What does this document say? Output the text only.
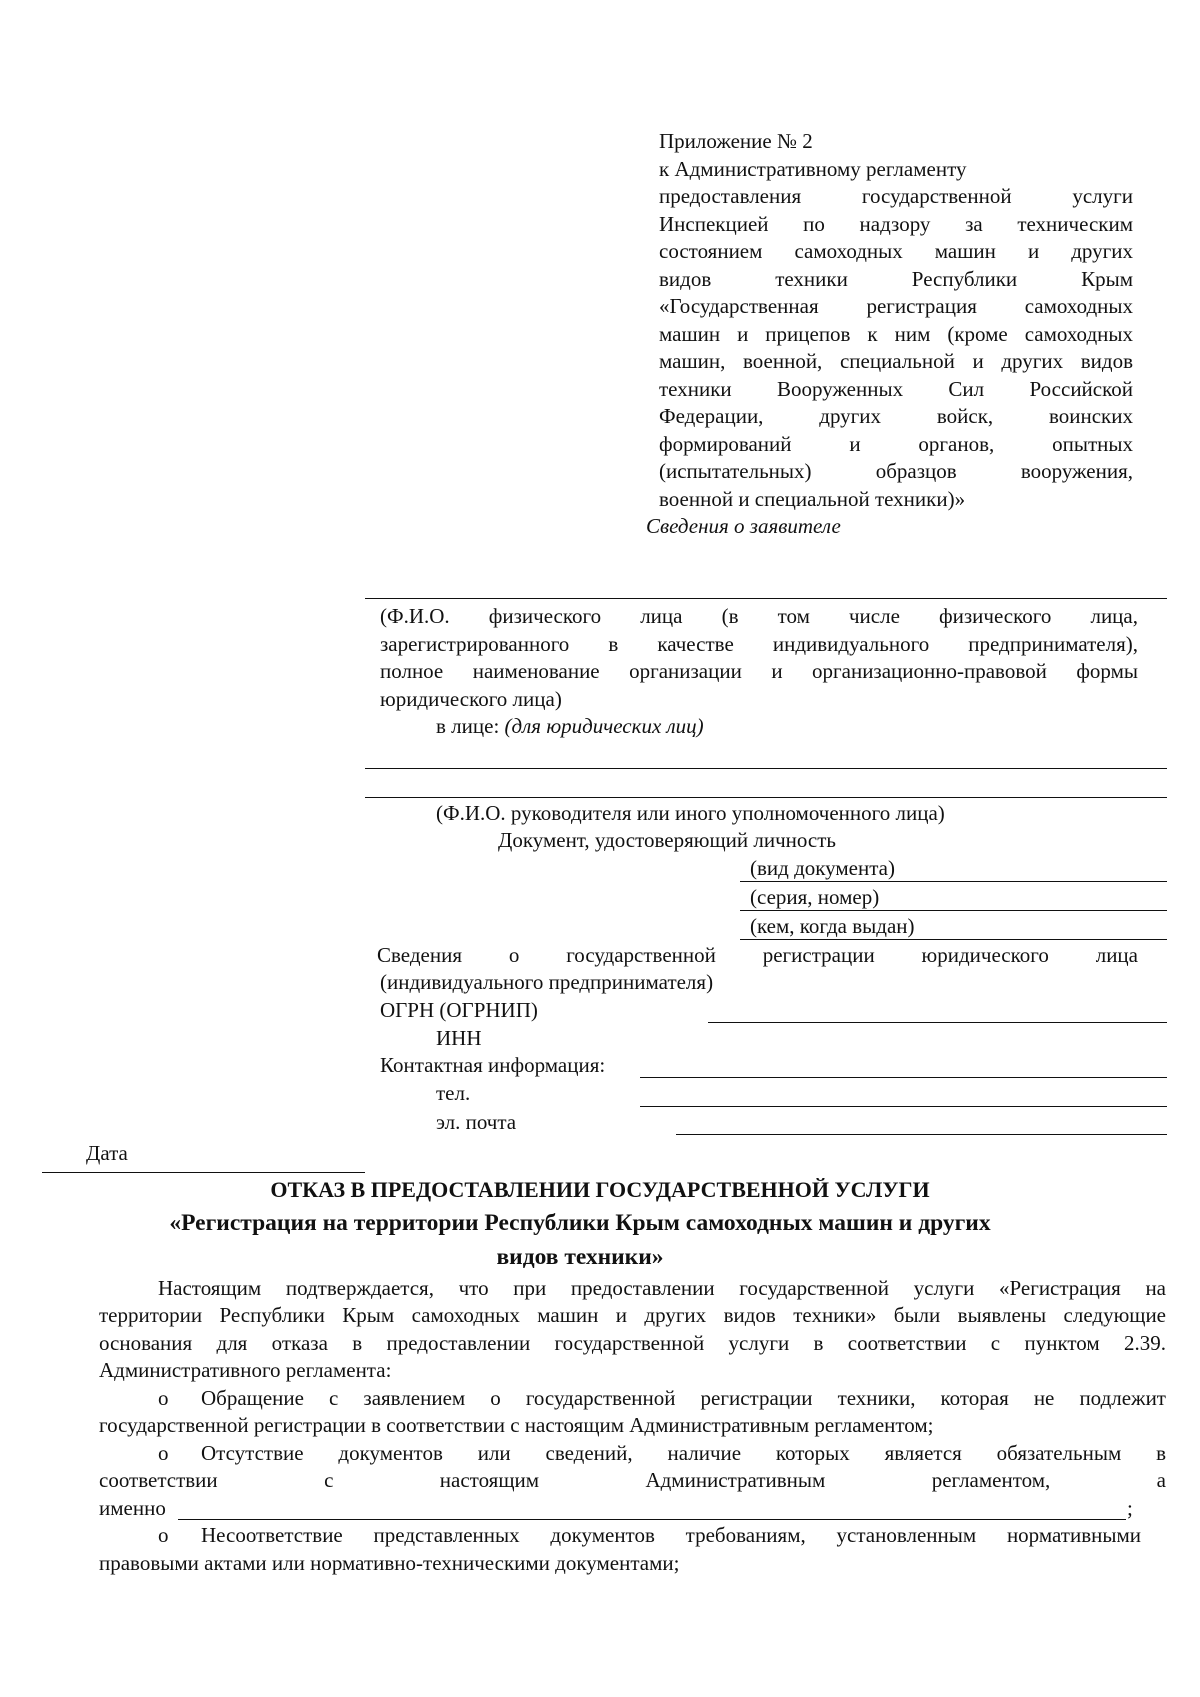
Приложение № 2
к Административному регламенту
предоставления государственной услуги
Инспекцией по надзору за техническим
состоянием самоходных машин и других
видов техники Республики Крым
«Государственная регистрация самоходных
машин и прицепов к ним (кроме самоходных
машин, военной, специальной и других видов
техники Вооруженных Сил Российской
Федерации, других войск, воинских
формирований и органов, опытных
(испытательных) образцов вооружения,
военной и специальной техники)»
Сведения о заявителе
(Ф.И.О. физического лица (в том числе физического лица,
зарегистрированного в качестве индивидуального предпринимателя),
полное наименование организации и организационно-правовой формы
юридического лица)
в лице: (для юридических лиц)
(Ф.И.О. руководителя или иного уполномоченного лица)
Документ, удостоверяющий личность
(вид документа)
(серия, номер)
(кем, когда выдан)
Сведения о государственной регистрации юридического лица
(индивидуального предпринимателя)
ОГРН (ОГРНИП)
ИНН
Контактная информация:
тел.
эл. почта
Дата
ОТКАЗ В ПРЕДОСТАВЛЕНИИ ГОСУДАРСТВЕННОЙ УСЛУГИ
«Регистрация на территории Республики Крым самоходных машин и других
видов техники»
Настоящим подтверждается, что при предоставлении государственной услуги «Регистрация на
территории Республики Крым самоходных машин и других видов техники» были выявлены следующие
основания для отказа в предоставлении государственной услуги в соответствии с пунктом 2.39.
Административного регламента:
o Обращение с заявлением о государственной регистрации техники, которая не подлежит
государственной регистрации в соответствии с настоящим Административным регламентом;
o Отсутствие документов или сведений, наличие которых является обязательным в
соответствии с настоящим Административным регламентом, а
именно	;
o Несоответствие представленных документов требованиям, установленным нормативными
правовыми актами или нормативно-техническими документами;
